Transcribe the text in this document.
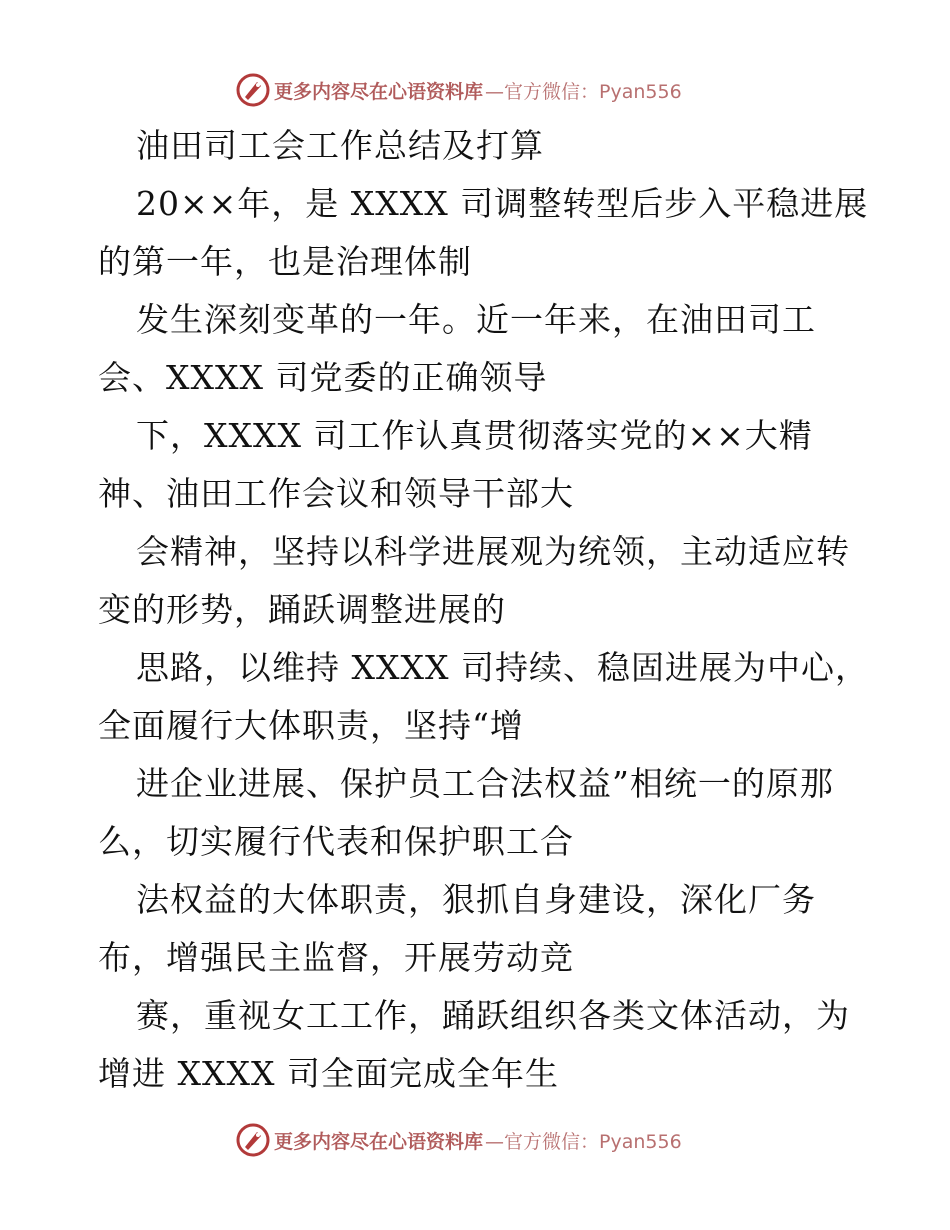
更多内容尽在心语资料库 —官方微信：Pyan556
油田司工会工作总结及打算
20××年，是 XXXX 司调整转型后步入平稳进展
的第一年，也是治理体制
发生深刻变革的一年。近一年来，在油田司工
会、XXXX 司党委的正确领导
下，XXXX 司工作认真贯彻落实党的××大精
神、油田工作会议和领导干部大
会精神，坚持以科学进展观为统领，主动适应转
变的形势，踊跃调整进展的
思路，以维持 XXXX 司持续、稳固进展为中心，
全面履行大体职责，坚持“增
进企业进展、保护员工合法权益”相统一的原那
么，切实履行代表和保护职工合
法权益的大体职责，狠抓自身建设，深化厂务
布，增强民主监督，开展劳动竞
赛，重视女工工作，踊跃组织各类文体活动，为
增进 XXXX 司全面完成全年生
更多内容尽在心语资料库 —官方微信：Pyan556
